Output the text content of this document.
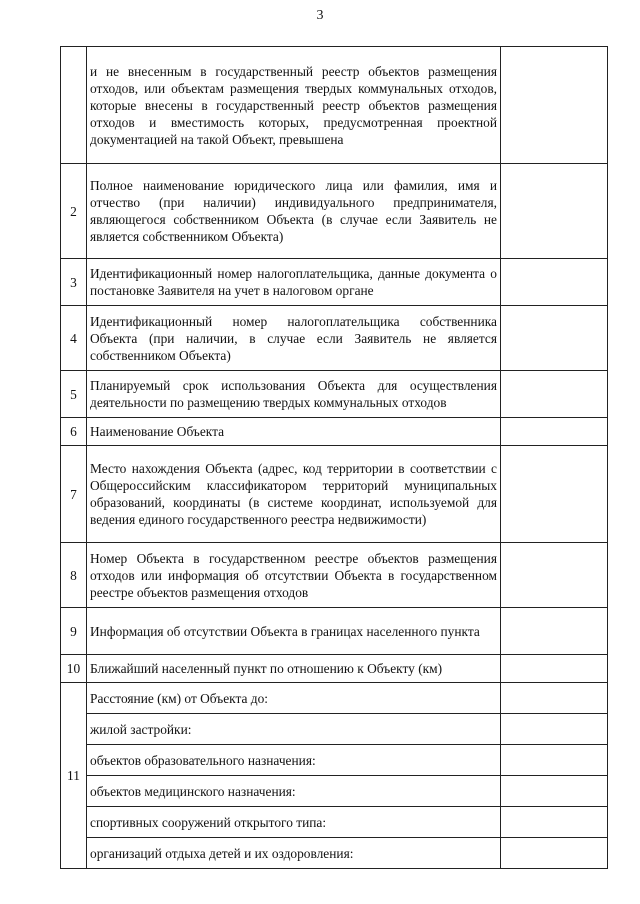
3
	и не внесенным в государственный реестр объектов размещения отходов, или объектам размещения твердых коммунальных отходов, которые внесены в государственный реестр объектов размещения отходов и вместимость которых, предусмотренная проектной документацией на такой Объект, превышена	
2	Полное наименование юридического лица или фамилия, имя и отчество (при наличии) индивидуального предпринимателя, являющегося собственником Объекта (в случае если Заявитель не является собственником Объекта)	
3	Идентификационный номер налогоплательщика, данные документа о постановке Заявителя на учет в налоговом органе	
4	Идентификационный номер налогоплательщика собственника Объекта (при наличии, в случае если Заявитель не является собственником Объекта)	
5	Планируемый срок использования Объекта для осуществления деятельности по размещению твердых коммунальных отходов	
6	Наименование Объекта	
7	Место нахождения Объекта (адрес, код территории в соответствии с Общероссийским классификатором территорий муниципальных образований, координаты (в системе координат, используемой для ведения единого государственного реестра недвижимости)	
8	Номер Объекта в государственном реестре объектов размещения отходов или информация об отсутствии Объекта в государственном реестре объектов размещения отходов	
9	Информация об отсутствии Объекта в границах населенного пункта	
10	Ближайший населенный пункт по отношению к Объекту (км)	
11	Расстояние (км) от Объекта до:	
	жилой застройки:	
	объектов образовательного назначения:	
	объектов медицинского назначения:	
	спортивных сооружений открытого типа:	
	организаций отдыха детей и их оздоровления:	
